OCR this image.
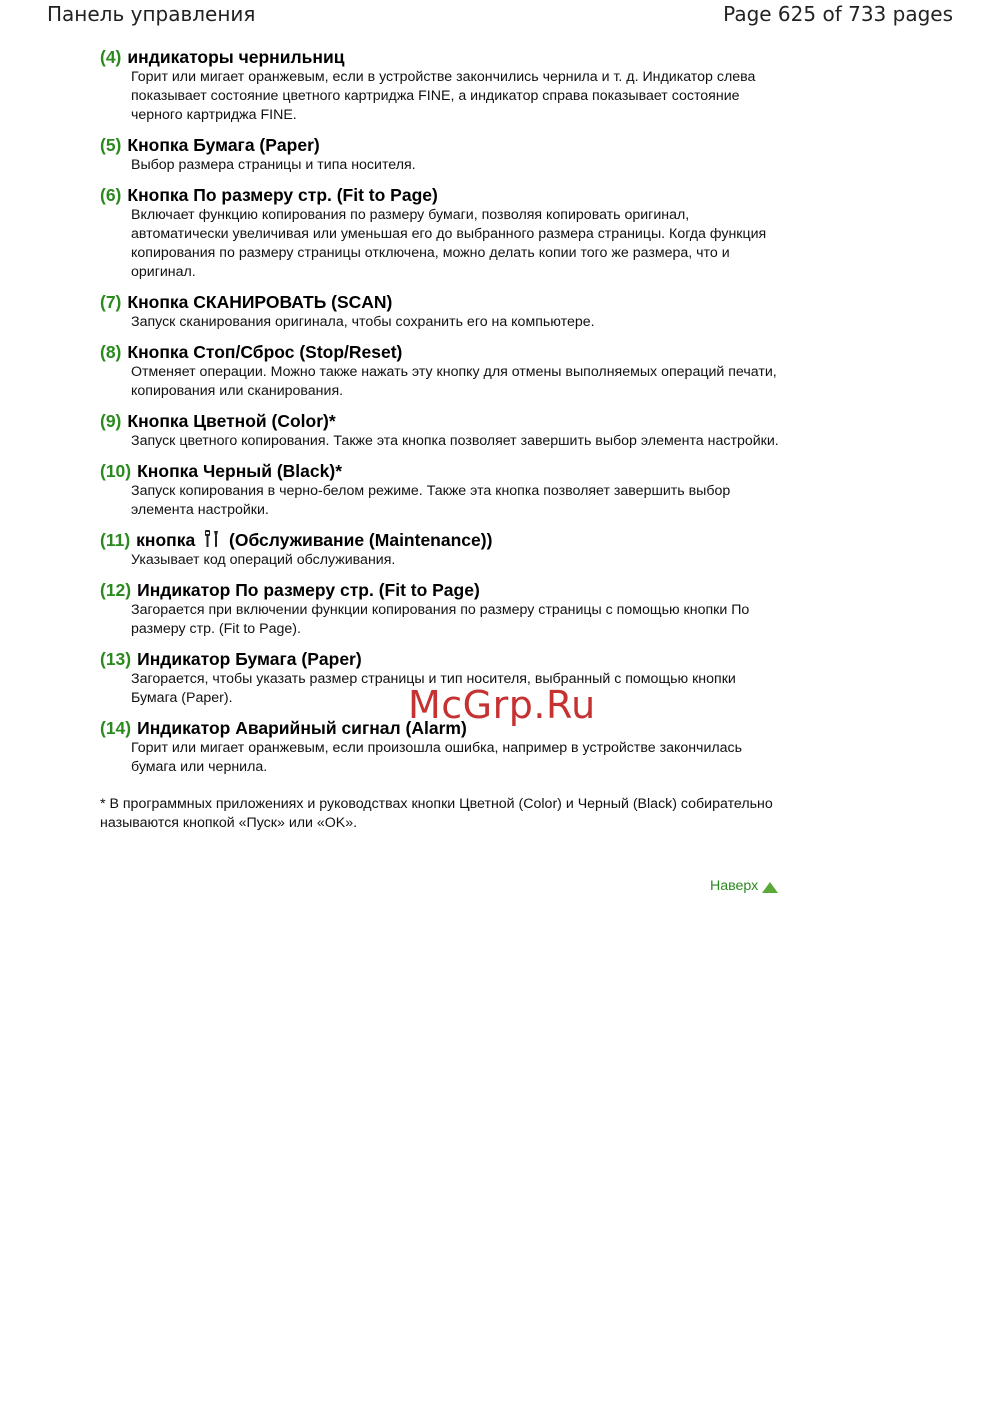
Панель управления	Page 625 of 733 pages
(4) индикаторы чернильниц
Горит или мигает оранжевым, если в устройстве закончились чернила и т. д. Индикатор слева показывает состояние цветного картриджа FINE, а индикатор справа показывает состояние черного картриджа FINE.
(5) Кнопка Бумага (Paper)
Выбор размера страницы и типа носителя.
(6) Кнопка По размеру стр. (Fit to Page)
Включает функцию копирования по размеру бумаги, позволяя копировать оригинал, автоматически увеличивая или уменьшая его до выбранного размера страницы. Когда функция копирования по размеру страницы отключена, можно делать копии того же размера, что и оригинал.
(7) Кнопка СКАНИРОВАТЬ (SCAN)
Запуск сканирования оригинала, чтобы сохранить его на компьютере.
(8) Кнопка Стоп/Сброс (Stop/Reset)
Отменяет операции. Можно также нажать эту кнопку для отмены выполняемых операций печати, копирования или сканирования.
(9) Кнопка Цветной (Color)*
Запуск цветного копирования. Также эта кнопка позволяет завершить выбор элемента настройки.
(10) Кнопка Черный (Black)*
Запуск копирования в черно-белом режиме. Также эта кнопка позволяет завершить выбор элемента настройки.
(11) кнопка (Обслуживание (Maintenance))
Указывает код операций обслуживания.
(12) Индикатор По размеру стр. (Fit to Page)
Загорается при включении функции копирования по размеру страницы с помощью кнопки По размеру стр. (Fit to Page).
(13) Индикатор Бумага (Paper)
Загорается, чтобы указать размер страницы и тип носителя, выбранный с помощью кнопки Бумага (Paper).
(14) Индикатор Аварийный сигнал (Alarm)
Горит или мигает оранжевым, если произошла ошибка, например в устройстве закончилась бумага или чернила.
* В программных приложениях и руководствах кнопки Цветной (Color) и Черный (Black) собирательно называются кнопкой «Пуск» или «OK».
Наверх
McGrp.Ru
